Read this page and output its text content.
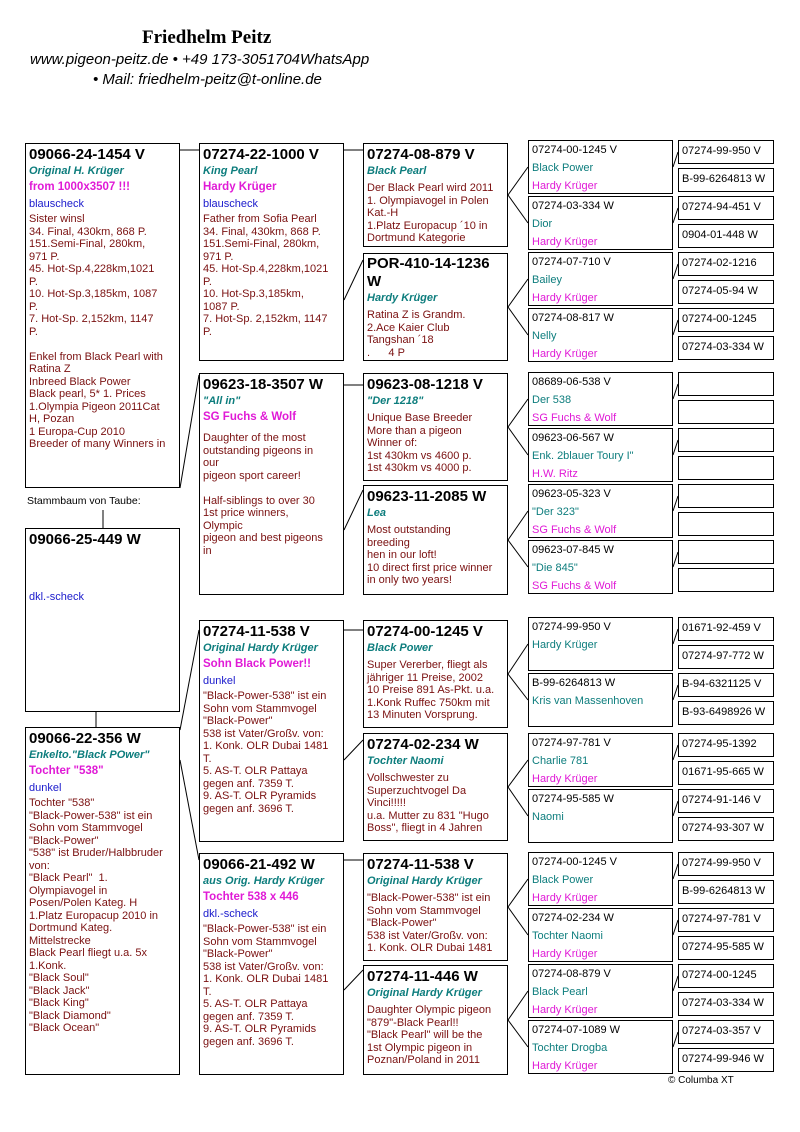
Friedhelm Peitz
www.pigeon-peitz.de • +49 173-3051704WhatsApp
• Mail: friedhelm-peitz@t-online.de
09066-24-1454 V
Original H. Krüger
from 1000x3507 !!!
blauscheck
Sister winsl
34. Final, 430km, 868 P.
151.Semi-Final, 280km,
971 P.
45. Hot-Sp.4,228km,1021
P.
10. Hot-Sp.3,185km, 1087
P.
7. Hot-Sp. 2,152km, 1147
P.

Enkel from Black Pearl with
Ratina Z
Inbreed Black Power
Black pearl, 5* 1. Prices
1.Olympia Pigeon 2011Cat
H, Pozan
1 Europa-Cup 2010
Breeder of many Winners in
Stammbaum von Taube:
09066-25-449 W
dkl.-scheck
09066-22-356 W
Enkelto."Black POwer"
Tochter "538"
dunkel
Tochter "538"
"Black-Power-538" ist ein
Sohn vom Stammvogel
"Black-Power"
"538" ist Bruder/Halbbruder
von:
"Black Pearl"  1.
Olympiavogel in
Posen/Polen Kateg. H
1.Platz Europacup 2010 in
Dortmund Kateg.
Mittelstrecke
Black Pearl fliegt u.a. 5x
1.Konk.
"Black Soul"
"Black Jack"
"Black King"
"Black Diamond"
"Black Ocean"
07274-22-1000 V
King Pearl
Hardy Krüger
blauscheck
Father from Sofia Pearl
34. Final, 430km, 868 P.
151.Semi-Final, 280km,
971 P.
45. Hot-Sp.4,228km,1021
P.
10. Hot-Sp.3,185km,
1087 P.
7. Hot-Sp. 2,152km, 1147
P.
09623-18-3507 W
"All in"
SG Fuchs & Wolf
Daughter of the most
outstanding pigeons in
our
pigeon sport career!

Half-siblings to over 30
1st price winners,
Olympic
pigeon and best pigeons
in
07274-11-538 V
Original Hardy Krüger
Sohn Black Power!!
dunkel
"Black-Power-538" ist ein
Sohn vom Stammvogel
"Black-Power"
538 ist Vater/Großv. von:
1. Konk. OLR Dubai 1481
T.
5. AS-T. OLR Pattaya
gegen anf. 7359 T.
9. AS-T. OLR Pyramids
gegen anf. 3696 T.
09066-21-492 W
aus Orig. Hardy Krüger
Tochter 538 x 446
dkl.-scheck
"Black-Power-538" ist ein
Sohn vom Stammvogel
"Black-Power"
538 ist Vater/Großv. von:
1. Konk. OLR Dubai 1481
T.
5. AS-T. OLR Pattaya
gegen anf. 7359 T.
9. AS-T. OLR Pyramids
gegen anf. 3696 T.
07274-08-879 V
Black Pearl
Der Black Pearl wird 2011
1. Olympiavogel in Polen
Kat.-H
1.Platz Europacup ´10 in
Dortmund Kategorie
POR-410-14-1236 W
Hardy Krüger
Ratina Z is Grandm.
2.Ace Kaier Club
Tangshan ´18
.      4 P
09623-08-1218 V
"Der 1218"
Unique Base Breeder
More than a pigeon
Winner of:
1st 430km vs 4600 p.
1st 430km vs 4000 p.
09623-11-2085 W
Lea
Most outstanding
breeding
hen in our loft!
10 direct first price winner
in only two years!
07274-00-1245 V
Black Power
Super Vererber, fliegt als
jähriger 11 Preise, 2002
10 Preise 891 As-Pkt. u.a.
1.Konk Ruffec 750km mit
13 Minuten Vorsprung.
07274-02-234 W
Tochter Naomi
Vollschwester zu
Superzuchtvogel Da
Vinci!!!!!
u.a. Mutter zu 831 "Hugo
Boss", fliegt in 4 Jahren
07274-11-538 V
Original Hardy Krüger
"Black-Power-538" ist ein
Sohn vom Stammvogel
"Black-Power"
538 ist Vater/Großv. von:
1. Konk. OLR Dubai 1481
07274-11-446 W
Original Hardy Krüger
Daughter Olympic pigeon
"879"-Black Pearl!!
"Black Pearl" will be the
1st Olympic pigeon in
Poznan/Poland in 2011
07274-00-1245 V
Black Power
Hardy Krüger
07274-03-334 W
Dior
Hardy Krüger
07274-07-710 V
Bailey
Hardy Krüger
07274-08-817 W
Nelly
Hardy Krüger
08689-06-538 V
Der 538
SG Fuchs & Wolf
09623-06-567 W
Enk. 2blauer Toury I"
H.W. Ritz
09623-05-323 V
"Der 323"
SG Fuchs & Wolf
09623-07-845 W
"Die 845"
SG Fuchs & Wolf
07274-99-950 V
Hardy Krüger
B-99-6264813 W
Kris van Massenhoven
07274-97-781 V
Charlie 781
Hardy Krüger
07274-95-585 W
Naomi
07274-00-1245 V
Black Power
Hardy Krüger
07274-02-234 W
Tochter Naomi
Hardy Krüger
07274-08-879 V
Black Pearl
Hardy Krüger
07274-07-1089 W
Tochter Drogba
Hardy Krüger
07274-99-950 V
B-99-6264813 W
07274-94-451 V
0904-01-448 W
07274-02-1216
07274-05-94 W
07274-00-1245
07274-03-334 W
01671-92-459 V
07274-97-772 W
B-94-6321125 V
B-93-6498926 W
07274-95-1392
01671-95-665 W
07274-91-146 V
07274-93-307 W
07274-99-950 V
B-99-6264813 W
07274-97-781 V
07274-95-585 W
07274-00-1245
07274-03-334 W
07274-03-357 V
07274-99-946 W
© Columba XT
